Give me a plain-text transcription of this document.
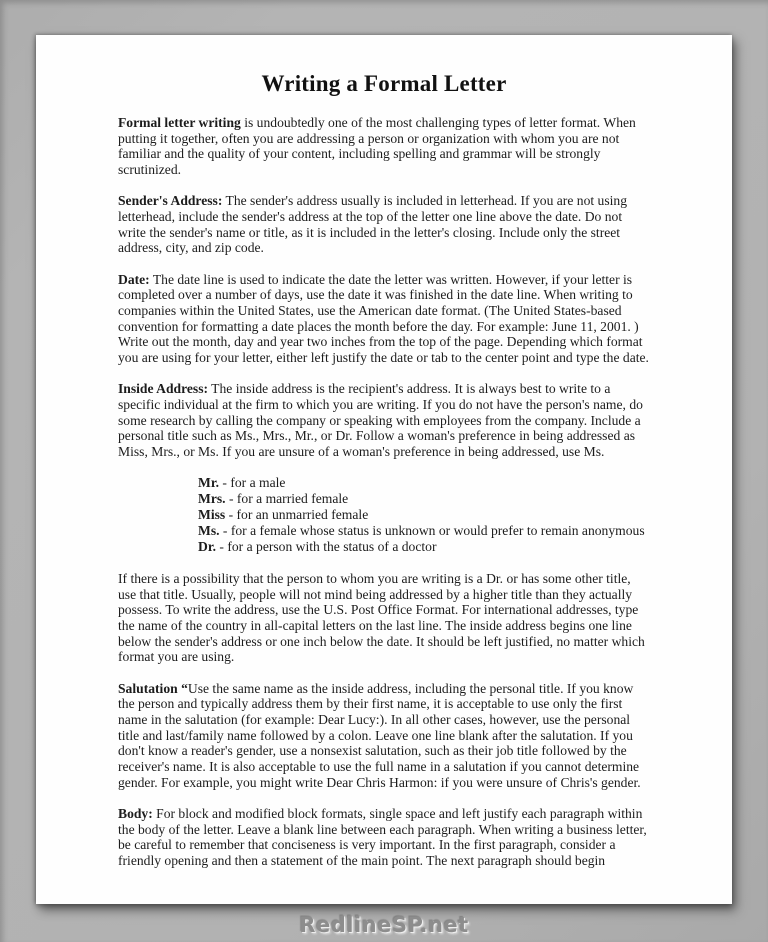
Writing a Formal Letter

Formal letter writing is undoubtedly one of the most challenging types of letter format. When putting it together, often you are addressing a person or organization with whom you are not familiar and the quality of your content, including spelling and grammar will be strongly scrutinized.

Sender's Address: The sender's address usually is included in letterhead. If you are not using letterhead, include the sender's address at the top of the letter one line above the date. Do not write the sender's name or title, as it is included in the letter's closing. Include only the street address, city, and zip code.

Date: The date line is used to indicate the date the letter was written. However, if your letter is completed over a number of days, use the date it was finished in the date line. When writing to companies within the United States, use the American date format. (The United States-based convention for formatting a date places the month before the day. For example: June 11, 2001. ) Write out the month, day and year two inches from the top of the page. Depending which format you are using for your letter, either left justify the date or tab to the center point and type the date.

Inside Address: The inside address is the recipient's address. It is always best to write to a specific individual at the firm to which you are writing. If you do not have the person's name, do some research by calling the company or speaking with employees from the company. Include a personal title such as Ms., Mrs., Mr., or Dr. Follow a woman's preference in being addressed as Miss, Mrs., or Ms. If you are unsure of a woman's preference in being addressed, use Ms.

Mr. - for a male
Mrs. - for a married female
Miss - for an unmarried female
Ms. - for a female whose status is unknown or would prefer to remain anonymous
Dr. - for a person with the status of a doctor

If there is a possibility that the person to whom you are writing is a Dr. or has some other title, use that title. Usually, people will not mind being addressed by a higher title than they actually possess. To write the address, use the U.S. Post Office Format. For international addresses, type the name of the country in all-capital letters on the last line. The inside address begins one line below the sender's address or one inch below the date. It should be left justified, no matter which format you are using.

Salutation “Use the same name as the inside address, including the personal title. If you know the person and typically address them by their first name, it is acceptable to use only the first name in the salutation (for example: Dear Lucy:). In all other cases, however, use the personal title and last/family name followed by a colon. Leave one line blank after the salutation. If you don't know a reader's gender, use a nonsexist salutation, such as their job title followed by the receiver's name. It is also acceptable to use the full name in a salutation if you cannot determine gender. For example, you might write Dear Chris Harmon: if you were unsure of Chris's gender.

Body: For block and modified block formats, single space and left justify each paragraph within the body of the letter. Leave a blank line between each paragraph. When writing a business letter, be careful to remember that conciseness is very important. In the first paragraph, consider a friendly opening and then a statement of the main point. The next paragraph should begin

RedlineSP.net
